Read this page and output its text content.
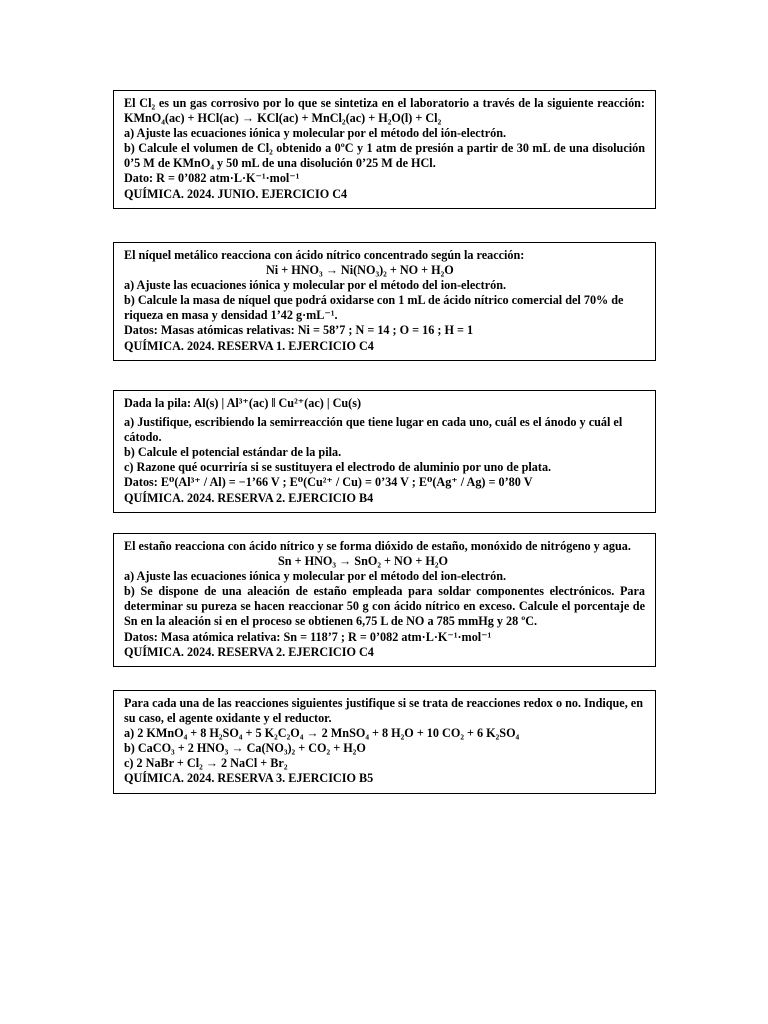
El Cl₂ es un gas corrosivo por lo que se sintetiza en el laboratorio a través de la siguiente reacción: KMnO₄(ac) + HCl(ac) → KCl(ac) + MnCl₂(ac) + H₂O(l) + Cl₂

a) Ajuste las ecuaciones iónica y molecular por el método del ión-electrón.

b) Calcule el volumen de Cl₂ obtenido a 0ºC y 1 atm de presión a partir de 30 mL de una disolución 0’5 M de KMnO₄ y 50 mL de una disolución 0’25 M de HCl.

Dato: R = 0’082 atm·L·K⁻¹·mol⁻¹

QUÍMICA. 2024. JUNIO. EJERCICIO C4

El níquel metálico reacciona con ácido nítrico concentrado según la reacción:

Ni + HNO₃ → Ni(NO₃)₂ + NO + H₂O

a) Ajuste las ecuaciones iónica y molecular por el método del ion-electrón.

b) Calcule la masa de níquel que podrá oxidarse con 1 mL de ácido nítrico comercial del 70% de riqueza en masa y densidad 1’42 g·mL⁻¹.

Datos: Masas atómicas relativas: Ni = 58’7 ; N = 14 ; O = 16 ; H = 1

QUÍMICA. 2024. RESERVA 1. EJERCICIO C4

Dada la pila: Al(s) | Al³⁺(ac) ‖ Cu²⁺(ac) | Cu(s)

a) Justifique, escribiendo la semirreacción que tiene lugar en cada uno, cuál es el ánodo y cuál el cátodo.

b) Calcule el potencial estándar de la pila.

c) Razone qué ocurriría si se sustituyera el electrodo de aluminio por uno de plata.

Datos: E⁰(Al³⁺ / Al) = −1’66 V ; E⁰(Cu²⁺ / Cu) = 0’34 V ; E⁰(Ag⁺ / Ag) = 0’80 V

QUÍMICA. 2024. RESERVA 2. EJERCICIO B4

El estaño reacciona con ácido nítrico y se forma dióxido de estaño, monóxido de nitrógeno y agua.

Sn + HNO₃ → SnO₂ + NO + H₂O

a) Ajuste las ecuaciones iónica y molecular por el método del ion-electrón.

b) Se dispone de una aleación de estaño empleada para soldar componentes electrónicos. Para determinar su pureza se hacen reaccionar 50 g con ácido nítrico en exceso. Calcule el porcentaje de Sn en la aleación si en el proceso se obtienen 6,75 L de NO a 785 mmHg y 28 ºC.

Datos: Masa atómica relativa: Sn = 118’7 ; R = 0’082 atm·L·K⁻¹·mol⁻¹

QUÍMICA. 2024. RESERVA 2. EJERCICIO C4

Para cada una de las reacciones siguientes justifique si se trata de reacciones redox o no. Indique, en su caso, el agente oxidante y el reductor.

a) 2 KMnO₄ + 8 H₂SO₄ + 5 K₂C₂O₄ → 2 MnSO₄ + 8 H₂O + 10 CO₂ + 6 K₂SO₄

b) CaCO₃ + 2 HNO₃ → Ca(NO₃)₂ + CO₂ + H₂O

c) 2 NaBr + Cl₂ → 2 NaCl + Br₂

QUÍMICA. 2024. RESERVA 3. EJERCICIO B5
